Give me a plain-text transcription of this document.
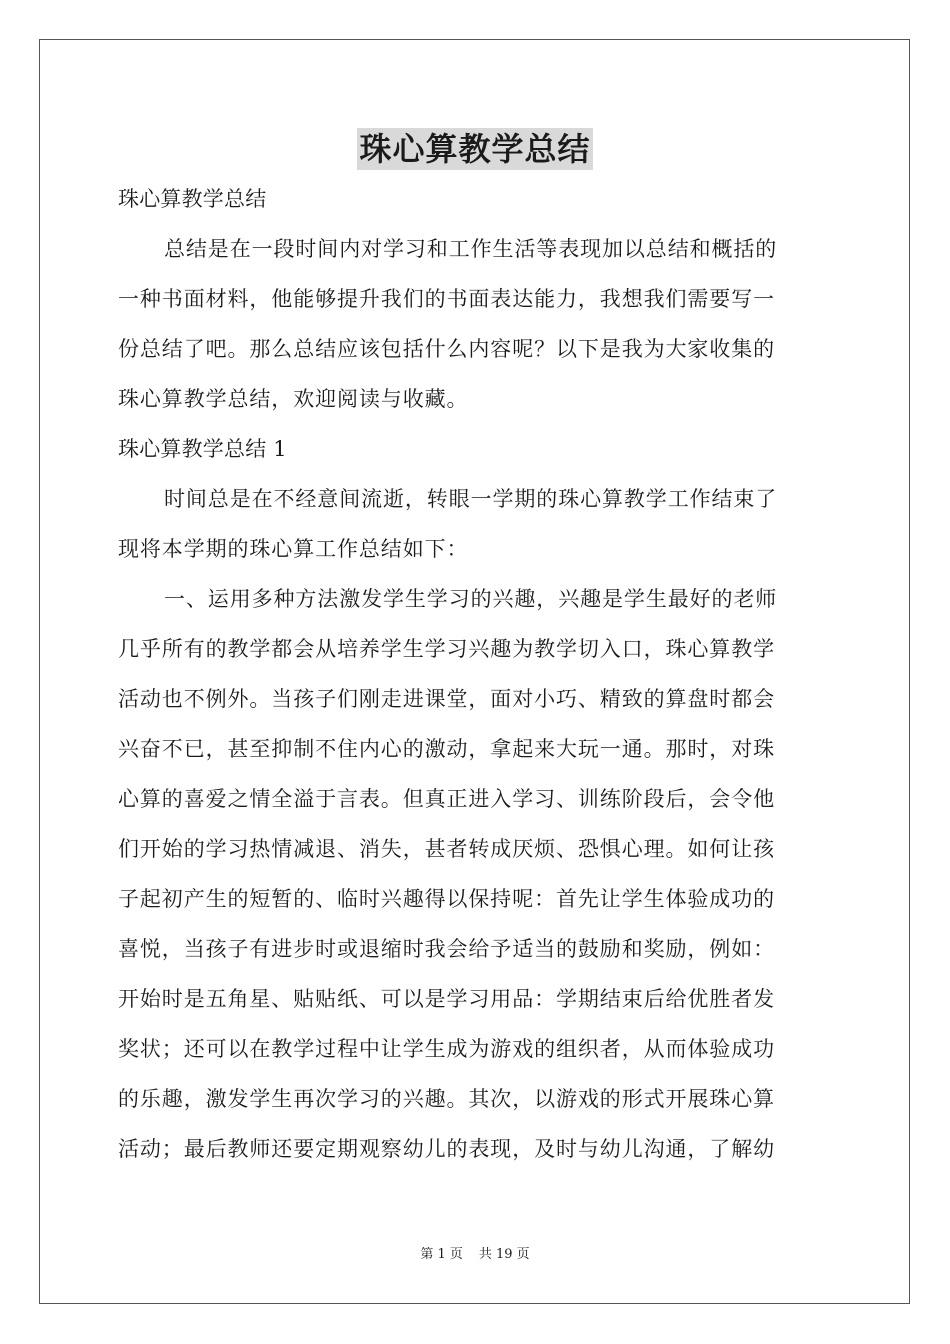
珠心算教学总结
珠心算教学总结
总结是在一段时间内对学习和工作生活等表现加以总结和概括的
一种书面材料，他能够提升我们的书面表达能力，我想我们需要写一
份总结了吧。那么总结应该包括什么内容呢？以下是我为大家收集的
珠心算教学总结，欢迎阅读与收藏。
珠心算教学总结 1
时间总是在不经意间流逝，转眼一学期的珠心算教学工作结束了
现将本学期的珠心算工作总结如下：
一、运用多种方法激发学生学习的兴趣，兴趣是学生最好的老师
几乎所有的教学都会从培养学生学习兴趣为教学切入口，珠心算教学
活动也不例外。当孩子们刚走进课堂，面对小巧、精致的算盘时都会
兴奋不已，甚至抑制不住内心的激动，拿起来大玩一通。那时，对珠
心算的喜爱之情全溢于言表。但真正进入学习、训练阶段后，会令他
们开始的学习热情减退、消失，甚者转成厌烦、恐惧心理。如何让孩
子起初产生的短暂的、临时兴趣得以保持呢：首先让学生体验成功的
喜悦，当孩子有进步时或退缩时我会给予适当的鼓励和奖励，例如：
开始时是五角星、贴贴纸、可以是学习用品：学期结束后给优胜者发
奖状；还可以在教学过程中让学生成为游戏的组织者，从而体验成功
的乐趣，激发学生再次学习的兴趣。其次，以游戏的形式开展珠心算
活动；最后教师还要定期观察幼儿的表现，及时与幼儿沟通，了解幼
第 1 页 共 19 页
